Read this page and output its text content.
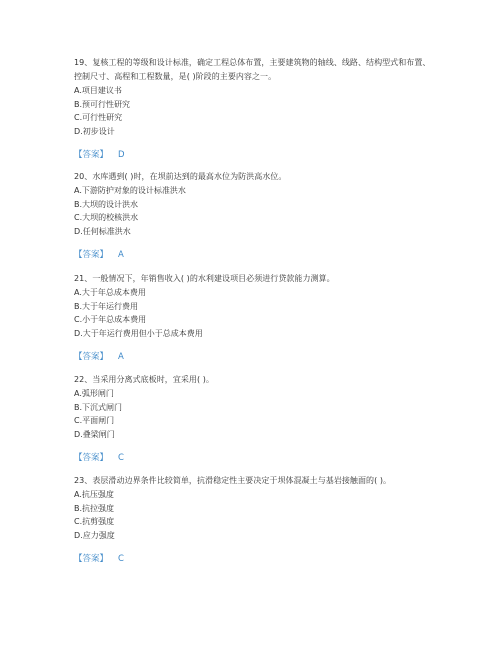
19、复核工程的等级和设计标准，确定工程总体布置，主要建筑物的轴线、线路、结构型式和布置、控制尺寸、高程和工程数量，是( )阶段的主要内容之一。

A.项目建议书

B.预可行性研究

C.可行性研究

D.初步设计

【答案】 D

20、水库遇到( )时，在坝前达到的最高水位为防洪高水位。

A.下游防护对象的设计标准洪水

B.大坝的设计洪水

C.大坝的校核洪水

D.任何标准洪水

【答案】 A

21、一般情况下，年销售收入( )的水利建设项目必须进行贷款能力测算。

A.大于年总成本费用

B.大于年运行费用

C.小于年总成本费用

D.大于年运行费用但小于总成本费用

【答案】 A

22、当采用分离式底板时，宜采用( )。

A.弧形闸门

B.下沉式闸门

C.平面闸门

D.叠梁闸门

【答案】 C

23、表层滑动边界条件比较简单，抗滑稳定性主要决定于坝体混凝土与基岩接触面的( )。

A.抗压强度

B.抗拉强度

C.抗剪强度

D.应力强度

【答案】 C
